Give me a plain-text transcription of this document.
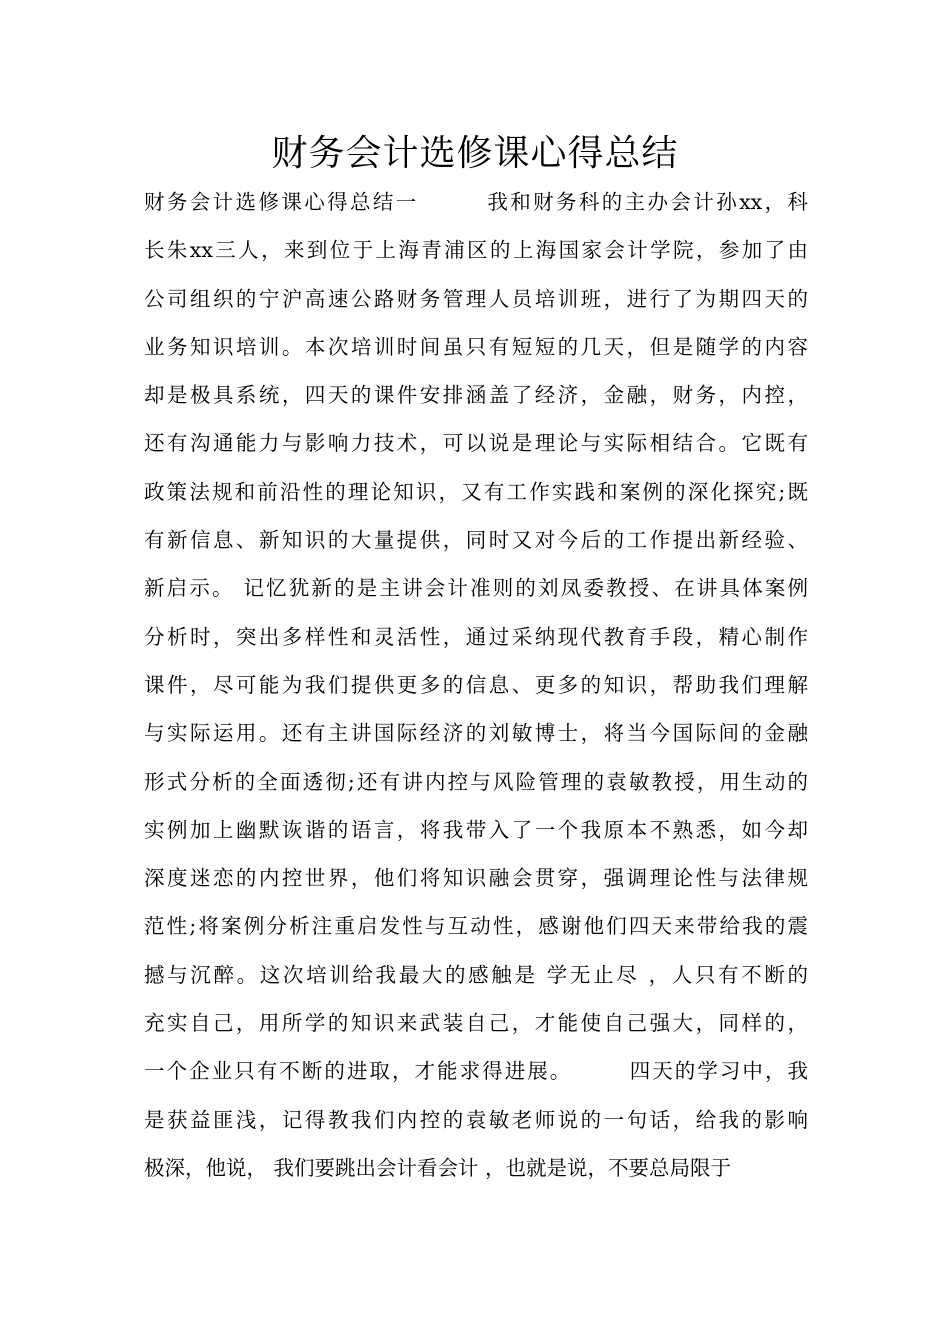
财务会计选修课心得总结
财务会计选修课心得总结一　　　我和财务科的主办会计孙xx，科
长朱xx三人，来到位于上海青浦区的上海国家会计学院，参加了由
公司组织的宁沪高速公路财务管理人员培训班，进行了为期四天的
业务知识培训。本次培训时间虽只有短短的几天，但是随学的内容
却是极具系统，四天的课件安排涵盖了经济，金融，财务，内控，
还有沟通能力与影响力技术，可以说是理论与实际相结合。它既有
政策法规和前沿性的理论知识，又有工作实践和案例的深化探究;既
有新信息、新知识的大量提供，同时又对今后的工作提出新经验、
新启示。 记忆犹新的是主讲会计准则的刘凤委教授、在讲具体案例
分析时，突出多样性和灵活性，通过采纳现代教育手段，精心制作
课件，尽可能为我们提供更多的信息、更多的知识，帮助我们理解
与实际运用。还有主讲国际经济的刘敏博士，将当今国际间的金融
形式分析的全面透彻;还有讲内控与风险管理的袁敏教授，用生动的
实例加上幽默诙谐的语言，将我带入了一个我原本不熟悉，如今却
深度迷恋的内控世界，他们将知识融会贯穿，强调理论性与法律规
范性;将案例分析注重启发性与互动性，感谢他们四天来带给我的震
撼与沉醉。这次培训给我最大的感触是 学无止尽 ，人只有不断的
充实自己，用所学的知识来武装自己，才能使自己强大，同样的，
一个企业只有不断的进取，才能求得进展。　　　四天的学习中，我
是获益匪浅，记得教我们内控的袁敏老师说的一句话，给我的影响
极深，他说， 我们要跳出会计看会计 ，也就是说，不要总局限于
